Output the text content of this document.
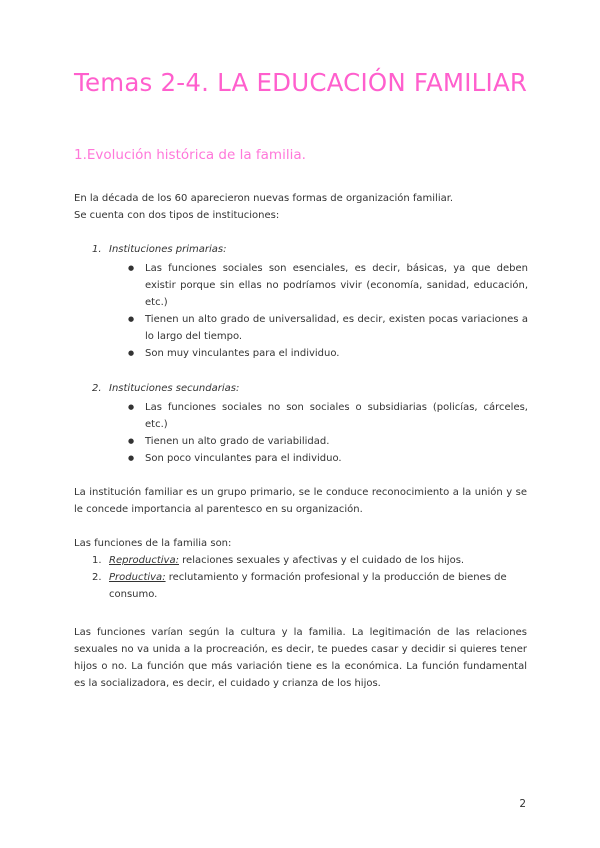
Temas 2-4. LA EDUCACIÓN FAMILIAR
1.Evolución histórica de la familia.

En la década de los 60 aparecieron nuevas formas de organización familiar.
Se cuenta con dos tipos de instituciones:

1. Instituciones primarias:

● Las funciones sociales son esenciales, es decir, básicas, ya que deben existir porque sin ellas no podríamos vivir (economía, sanidad, educación, etc.)
● Tienen un alto grado de universalidad, es decir, existen pocas variaciones a lo largo del tiempo.
● Son muy vinculantes para el individuo.

2. Instituciones secundarias:

● Las funciones sociales no son sociales o subsidiarias (policías, cárceles, etc.)
● Tienen un alto grado de variabilidad.
● Son poco vinculantes para el individuo.

La institución familiar es un grupo primario, se le conduce reconocimiento a la unión y se le concede importancia al parentesco en su organización.

Las funciones de la familia son:

1. Reproductiva: relaciones sexuales y afectivas y el cuidado de los hijos.
2. Productiva: reclutamiento y formación profesional y la producción de bienes de consumo.

Las funciones varían según la cultura y la familia. La legitimación de las relaciones sexuales no va unida a la procreación, es decir, te puedes casar y decidir si quieres tener hijos o no. La función que más variación tiene es la económica. La función fundamental es la socializadora, es decir, el cuidado y crianza de los hijos.

2
